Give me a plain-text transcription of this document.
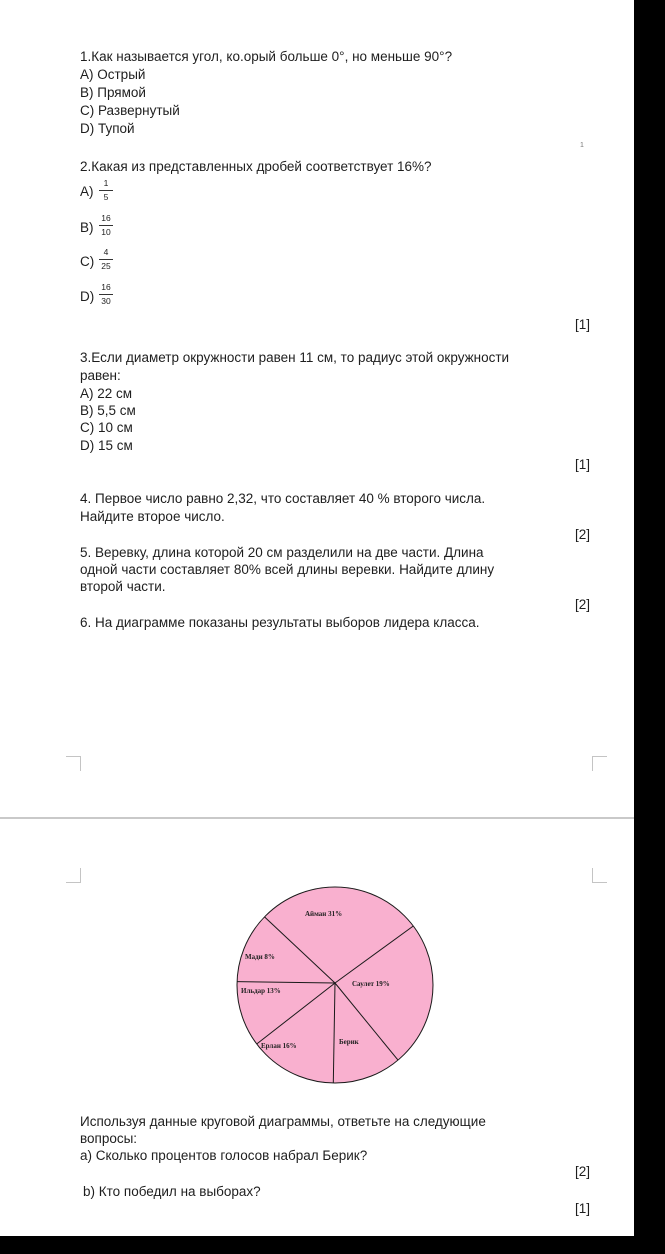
1.Как называется угол, ко.орый больше 0°, но меньше 90°?
A) Острый
B) Прямой
C) Развернутый
D) Тупой
1
2.Какая из представленных дробей соответствует 16%?
A)
1
5
B)
16
10
C)
4
25
D)
16
30
[1]
3.Если диаметр окружности равен 11 см, то радиус этой окружности
равен:
A) 22 см
B) 5,5 см
C) 10 см
D) 15 см
[1]
4. Первое число равно 2,32, что составляет 40 % второго числа.
Найдите второе число.
[2]
5. Веревку, длина которой 20 см разделили на две части. Длина
одной части составляет 80% всей длины веревки. Найдите длину
второй части.
[2]
6. На диаграмме показаны результаты выборов лидера класса.
Айман 31%
Саулет 19%
Берик
Ерлан 16%
Ильдар 13%
Мади 8%
Используя данные круговой диаграммы, ответьте на следующие
вопросы:
a) Сколько процентов голосов набрал Берик?
[2]
b) Кто победил на выборах?
[1]
